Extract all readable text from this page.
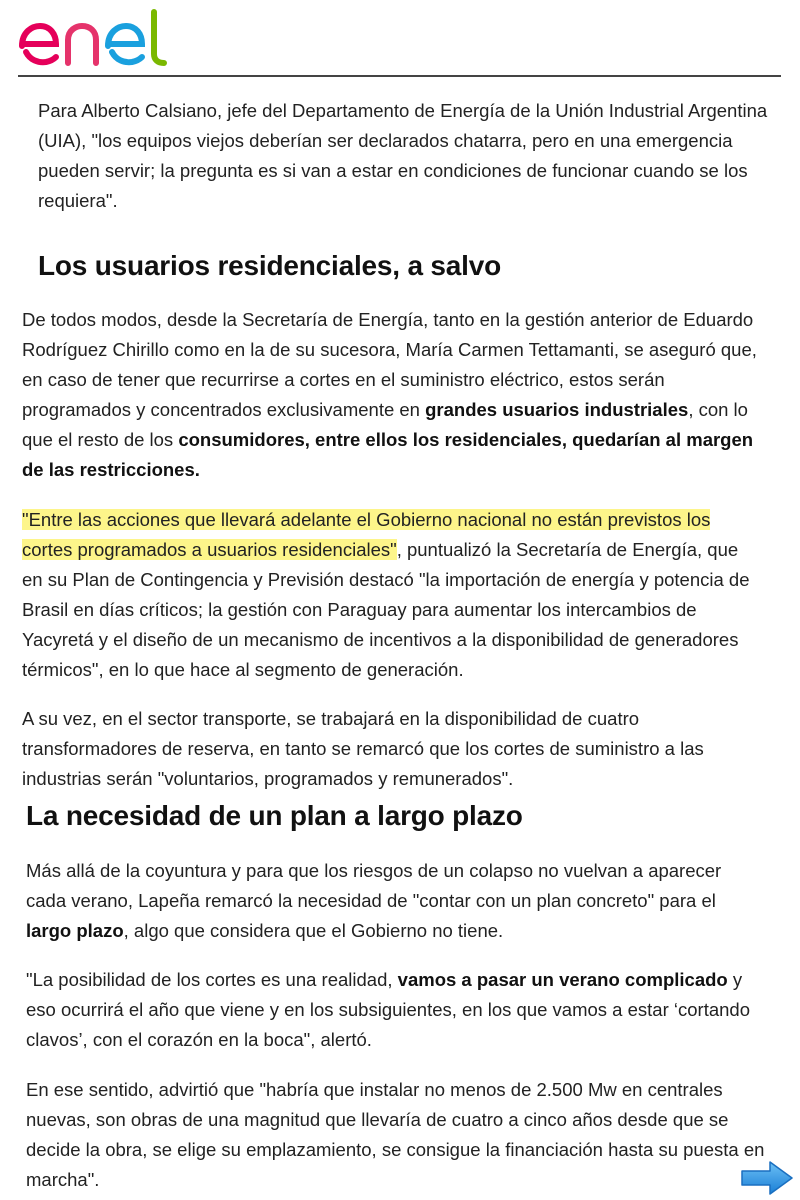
Para Alberto Calsiano, jefe del Departamento de Energía de la Unión Industrial Argentina (UIA), "los equipos viejos deberían ser declarados chatarra, pero en una emergencia pueden servir; la pregunta es si van a estar en condiciones de funcionar cuando se los requiera".

Los usuarios residenciales, a salvo

De todos modos, desde la Secretaría de Energía, tanto en la gestión anterior de Eduardo Rodríguez Chirillo como en la de su sucesora, María Carmen Tettamanti, se aseguró que, en caso de tener que recurrirse a cortes en el suministro eléctrico, estos serán programados y concentrados exclusivamente en grandes usuarios industriales, con lo que el resto de los consumidores, entre ellos los residenciales, quedarían al margen de las restricciones.

"Entre las acciones que llevará adelante el Gobierno nacional no están previstos los cortes programados a usuarios residenciales", puntualizó la Secretaría de Energía, que en su Plan de Contingencia y Previsión destacó "la importación de energía y potencia de Brasil en días críticos; la gestión con Paraguay para aumentar los intercambios de Yacyretá y el diseño de un mecanismo de incentivos a la disponibilidad de generadores térmicos", en lo que hace al segmento de generación.

A su vez, en el sector transporte, se trabajará en la disponibilidad de cuatro transformadores de reserva, en tanto se remarcó que los cortes de suministro a las industrias serán "voluntarios, programados y remunerados".

La necesidad de un plan a largo plazo

Más allá de la coyuntura y para que los riesgos de un colapso no vuelvan a aparecer cada verano, Lapeña remarcó la necesidad de "contar con un plan concreto" para el largo plazo, algo que considera que el Gobierno no tiene.

"La posibilidad de los cortes es una realidad, vamos a pasar un verano complicado y eso ocurrirá el año que viene y en los subsiguientes, en los que vamos a estar ‘cortando clavos’, con el corazón en la boca", alertó.

En ese sentido, advirtió que "habría que instalar no menos de 2.500 Mw en centrales nuevas, son obras de una magnitud que llevaría de cuatro a cinco años desde que se decide la obra, se elige su emplazamiento, se consigue la financiación hasta su puesta en marcha".
